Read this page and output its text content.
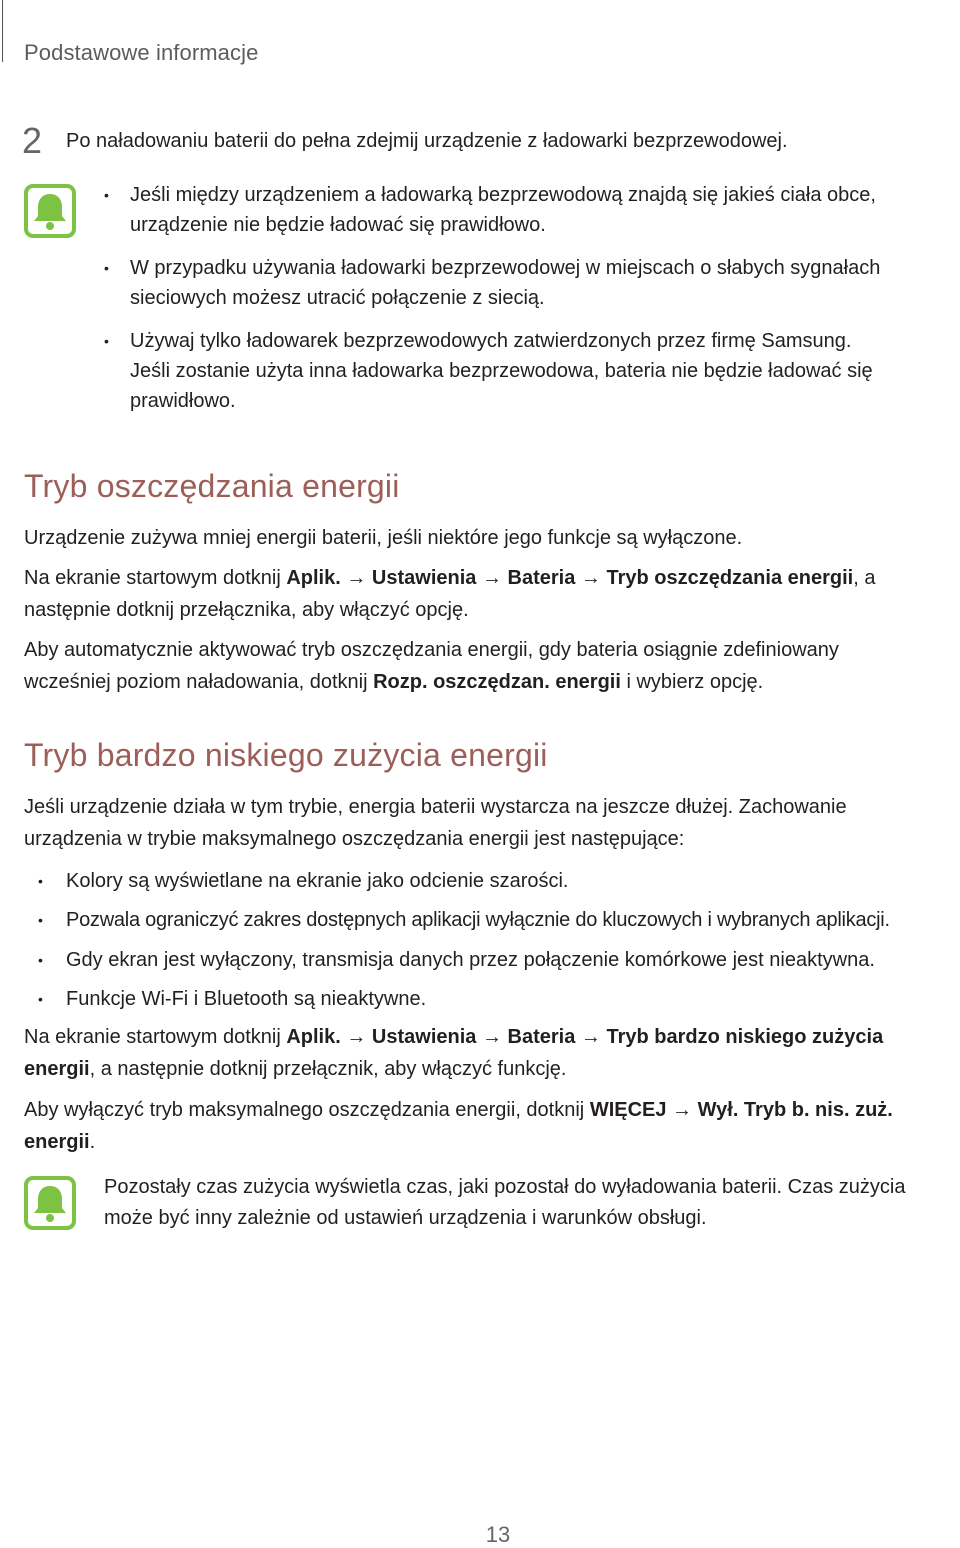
Podstawowe informacje
2 Po naładowaniu baterii do pełna zdejmij urządzenie z ładowarki bezprzewodowej.
• Jeśli między urządzeniem a ładowarką bezprzewodową znajdą się jakieś ciała obce,
urządzenie nie będzie ładować się prawidłowo.
• W przypadku używania ładowarki bezprzewodowej w miejscach o słabych sygnałach
sieciowych możesz utracić połączenie z siecią.
• Używaj tylko ładowarek bezprzewodowych zatwierdzonych przez firmę Samsung.
Jeśli zostanie użyta inna ładowarka bezprzewodowa, bateria nie będzie ładować się
prawidłowo.
Tryb oszczędzania energii
Urządzenie zużywa mniej energii baterii, jeśli niektóre jego funkcje są wyłączone.
Na ekranie startowym dotknij Aplik. → Ustawienia → Bateria → Tryb oszczędzania energii, a
następnie dotknij przełącznika, aby włączyć opcję.
Aby automatycznie aktywować tryb oszczędzania energii, gdy bateria osiągnie zdefiniowany
wcześniej poziom naładowania, dotknij Rozp. oszczędzan. energii i wybierz opcję.
Tryb bardzo niskiego zużycia energii
Jeśli urządzenie działa w tym trybie, energia baterii wystarcza na jeszcze dłużej. Zachowanie
urządzenia w trybie maksymalnego oszczędzania energii jest następujące:
•	Kolory są wyświetlane na ekranie jako odcienie szarości.
•	Pozwala ograniczyć zakres dostępnych aplikacji wyłącznie do kluczowych i wybranych aplikacji.
•	Gdy ekran jest wyłączony, transmisja danych przez połączenie komórkowe jest nieaktywna.
•	Funkcje Wi-Fi i Bluetooth są nieaktywne.
Na ekranie startowym dotknij Aplik. → Ustawienia → Bateria → Tryb bardzo niskiego zużycia
energii, a następnie dotknij przełącznik, aby włączyć funkcję.
Aby wyłączyć tryb maksymalnego oszczędzania energii, dotknij WIĘCEJ → Wył. Tryb b. nis. zuż.
energii.
Pozostały czas zużycia wyświetla czas, jaki pozostał do wyładowania baterii. Czas zużycia
może być inny zależnie od ustawień urządzenia i warunków obsługi.
13
